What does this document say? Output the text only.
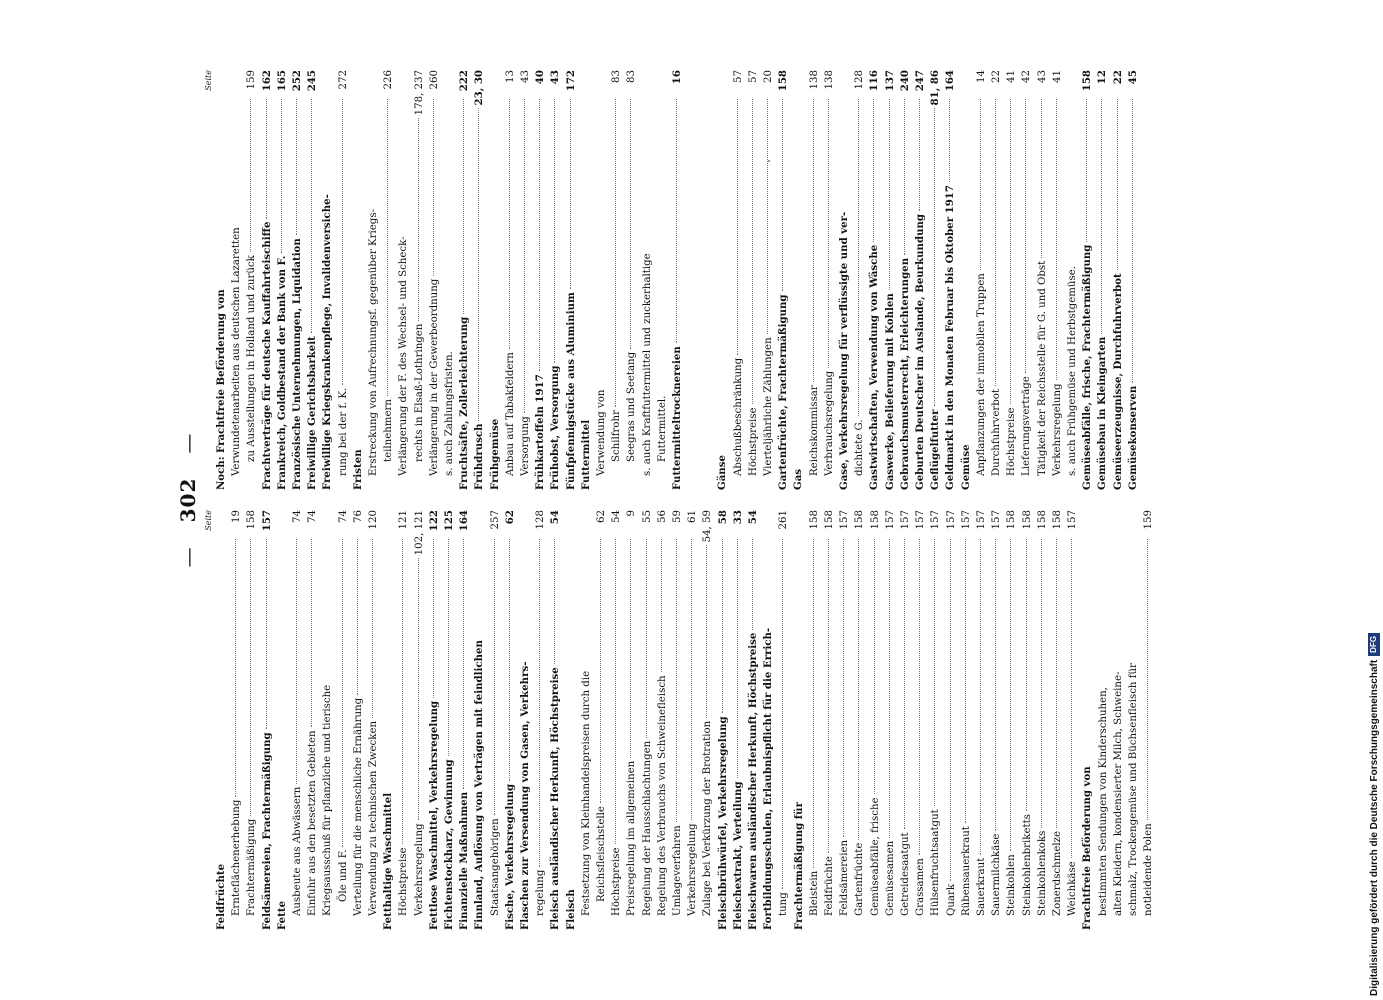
—
302
—
Seite
Feldfrüchte Ernteflächenerhebung
19
Frachtermäßigung
158
Feldsämereien, Frachtermäßigung
157
Fette Ausbeute aus Abwässern
74
Einfuhr aus den besetzten Gebieten
74
Kriegsausschuß für pflanzliche und tierische Öle und F.
74
Verteilung für die menschliche Ernährung
76
Verwendung zu technischen Zwecken
120
Fetthaltige Waschmittel Höchstpreise
121
Verkehrsregelung
102, 121
Fettlose Waschmittel, Verkehrsregelung
122
Fichtenstockharz, Gewinnung
125
Finanzielle Maßnahmen
164
Finnland, Auflösung von Verträgen mit feindlichen Staatsangehörigen
257
Fische, Verkehrsregelung
62
Flaschen zur Versendung von Gasen, Verkehrs- regelung
128
Fleisch ausländischer Herkunft, Höchstpreise
54
Fleisch Festsetzung von Kleinhandelspreisen durch die Reichsfleischstelle
62
Höchstpreise
54
Preisregelung im allgemeinen
9
Regelung der Hausschlachtungen
55
Regelung des Verbrauchs von Schweinefleisch
56
Umlageverfahren
59
Verkehrsregelung
61
Zulage bei Verkürzung der Brotration
54, 59
Fleischbrühwürfel, Verkehrsregelung
58
Fleischextrakt, Verteilung
33
Fleischwaren ausländischer Herkunft, Höchstpreise
54
Fortbildungsschulen, Erlaubnispflicht für die Errich- tung
261
Frachtermäßigung für Bleistein
158
Feldfrüchte
158
Feldsämereien
157
Gartenfrüchte
158
Gemüseabfälle, frische
158
Gemüsesamen
157
Getreidesaatgut
157
Grassamen
157
Hülsenfruchtsaatgut
157
Quark
157
Rübensauerkraut
157
Sauerkraut
157
Sauermilchkäse
157
Steinkohlen
158
Steinkohlenbriketts
158
Steinkohlenkoks
158
Zonerdschmelze
158
Weichkäse
157
Frachtfreie Beförderung von bestimmten Sendungen von Kinderschuhen, alten Kleidern, kondensierter Milch, Schweine- schmalz, Trockengemüse und Büchsenfleisch für notleidende Polen
159
Seite
Noch: Frachtfreie Beförderung von Verwundetenarbeiten aus deutschen Lazaretten zu Ausstellungen in Holland und zurück
159
Frachtverträge für deutsche Kauffahrteischiffe
162
Frankreich, Goldbestand der Bank von F.
165
Französische Unternehmungen, Liquidation
252
Freiwillige Gerichtsbarkeit
245
Freiwillige Kriegskrankenpflege, Invalidenversiche- rung bei der f. K.
272
Fristen Erstreckung von Aufrechnungsf. gegenüber Kriegs- teilnehmern
226
Verlängerung der F. des Wechsel- und Scheck- rechts in Elsaß-Lothringen
178, 237
Verlängerung in der Gewerbeordnung
260
s. auch Zahlungsfristen. Fruchtsäfte, Zollerleichterung
222
Frühdrusch
23, 30
Frühgemüse Anbau auf Tabakfeldern
13
Versorgung
43
Frühkartoffeln 1917
40
Frühobst, Versorgung
43
Fünfpfennigstücke aus Aluminium
172
Futtermittel Verwendung von Schilfrohr
83
Seegras und Seetang
83
s. auch Kraftfuttermittel und zuckerhaltige Futtermittel. Futtermitteltrocknereien
16
Gänse Abschußbeschränkung
57
Höchstpreise
57
Vierteljährliche Zählungen
20
Gartenfrüchte, Frachtermäßigung
158
Gas
Reichskommissar
138
Verbrauchsregelung
138
Gase, Verkehrsregelung für verflüssigte und ver- dichtete G.
128
Gastwirtschaften, Verwendung von Wäsche
116
Gaswerke, Belieferung mit Kohlen
137
Gebrauchsmusterrecht, Erleichterungen
240
Geburten Deutscher im Auslande, Beurkundung
247
Geflügelfutter
81, 86
Geldmarkt in den Monaten Februar bis Oktober 1917
164
Gemüse Anpflanzungen der immobilen Truppen
14
Durchfuhrverbot
22
Höchstpreise
41
Lieferungsverträge
42
Tätigkeit der Reichsstelle für G. und Obst
43
Verkehrsregelung
41
s. auch Frühgemüse und Herbstgemüse. Gemüseabfälle, frische, Frachtermäßigung
158
Gemüsebau in Kleingarten
12
Gemüseerzeugnisse, Durchfuhrverbot
22
Gemüsekonserven
45
Digitalisierung gefördert durch die Deutsche Forschungsgemeinschaft
DFG
